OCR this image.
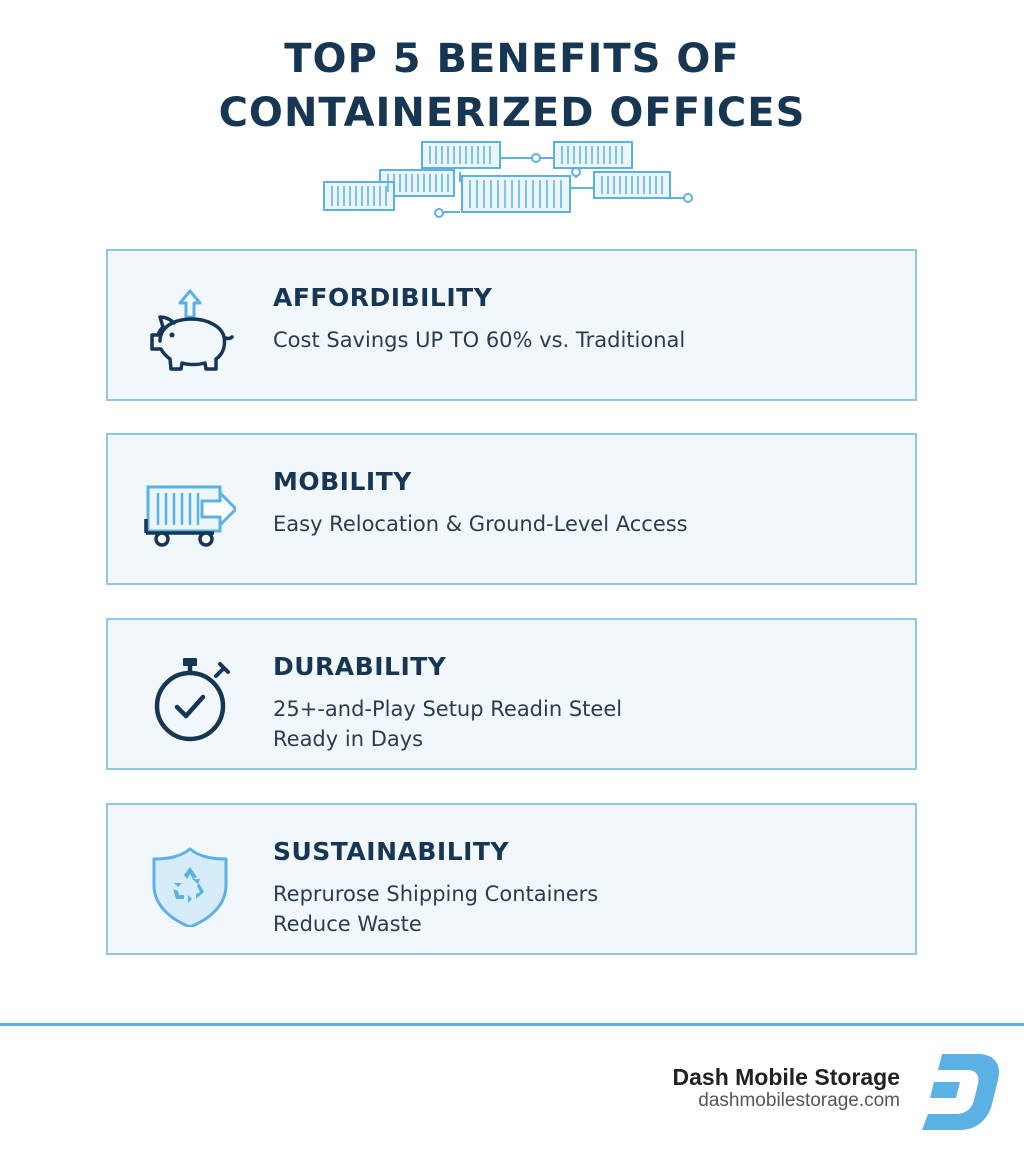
TOP 5 BENEFITS OF
CONTAINERIZED OFFICES
AFFORDIBILITY
Cost Savings UP TO 60% vs. Traditional
MOBILITY
Easy Relocation & Ground-Level Access
DURABILITY
25+-and-Play Setup Readin Steel
Ready in Days
SUSTAINABILITY
Reprurose Shipping Containers
Reduce Waste
Dash Mobile Storage
dashmobilestorage.com
